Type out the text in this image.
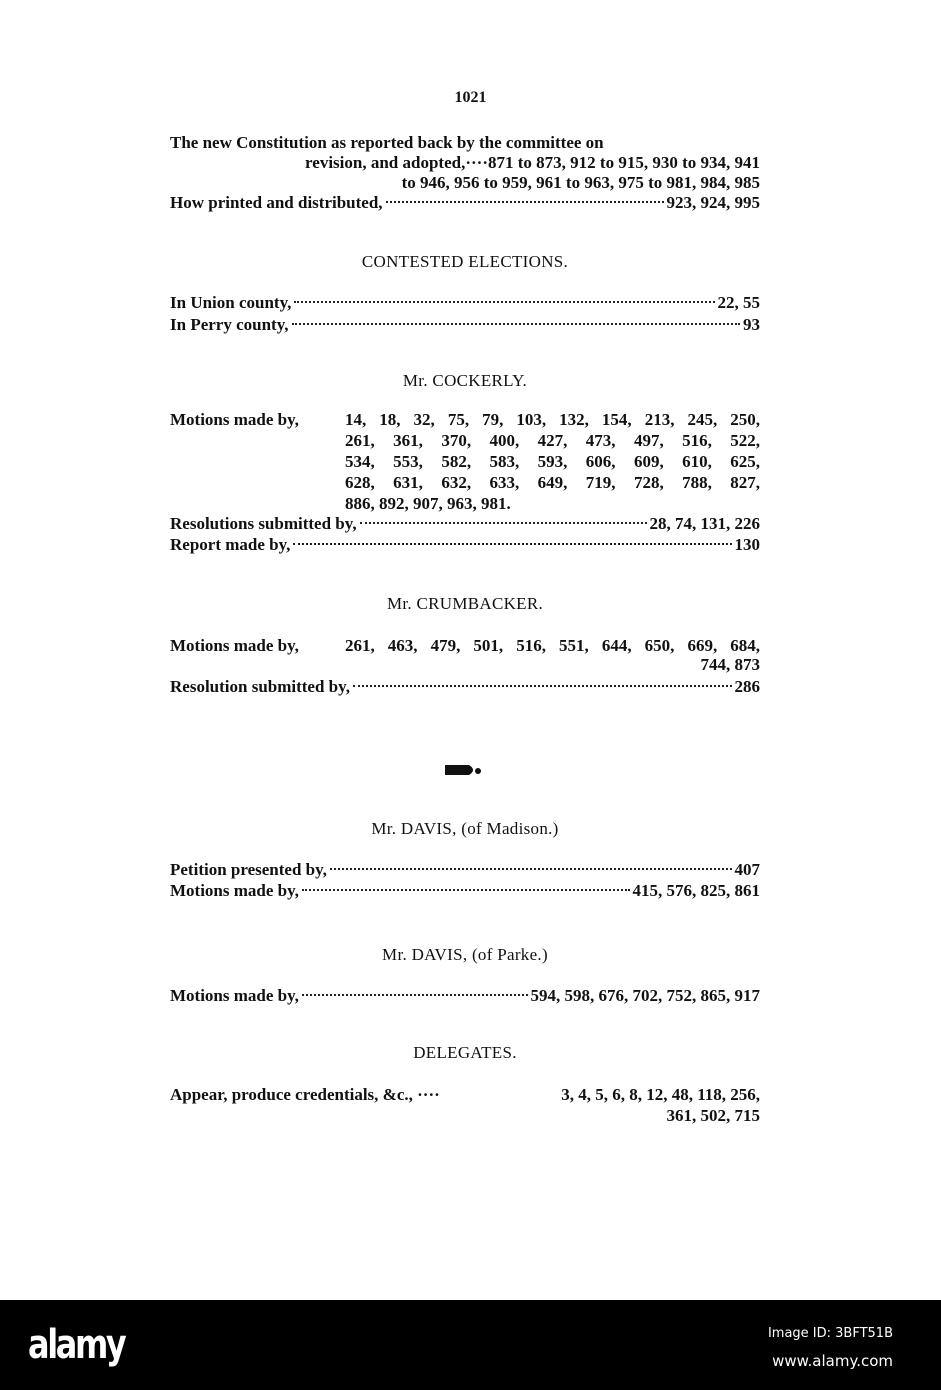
1021
The new Constitution as reported back by the committee on
revision, and adopted,····871 to 873, 912 to 915, 930 to 934, 941
to 946, 956 to 959, 961 to 963, 975 to 981, 984, 985
How printed and distributed,	923, 924, 995
CONTESTED ELECTIONS.
In Union county,	22, 55
In Perry county,	93
Mr. COCKERLY.
Motions made by,	14, 18, 32, 75, 79, 103, 132, 154, 213, 245, 250,
261, 361, 370, 400, 427, 473, 497, 516, 522,
534, 553, 582, 583, 593, 606, 609, 610, 625,
628, 631, 632, 633, 649, 719, 728, 788, 827,
886, 892, 907, 963, 981.
Resolutions submitted by,	28, 74, 131, 226
Report made by,	130
Mr. CRUMBACKER.
Motions made by,	261, 463, 479, 501, 516, 551, 644, 650, 669, 684,
744, 873
Resolution submitted by,	286
Mr. DAVIS, (of Madison.)
Petition presented by,	407
Motions made by,	415, 576, 825, 861
Mr. DAVIS, (of Parke.)
Motions made by,	594, 598, 676, 702, 752, 865, 917
DELEGATES.
Appear, produce credentials, &c., ····	3, 4, 5, 6, 8, 12, 48, 118, 256,
361, 502, 715
alamy	Image ID: 3BFT51B
www.alamy.com
